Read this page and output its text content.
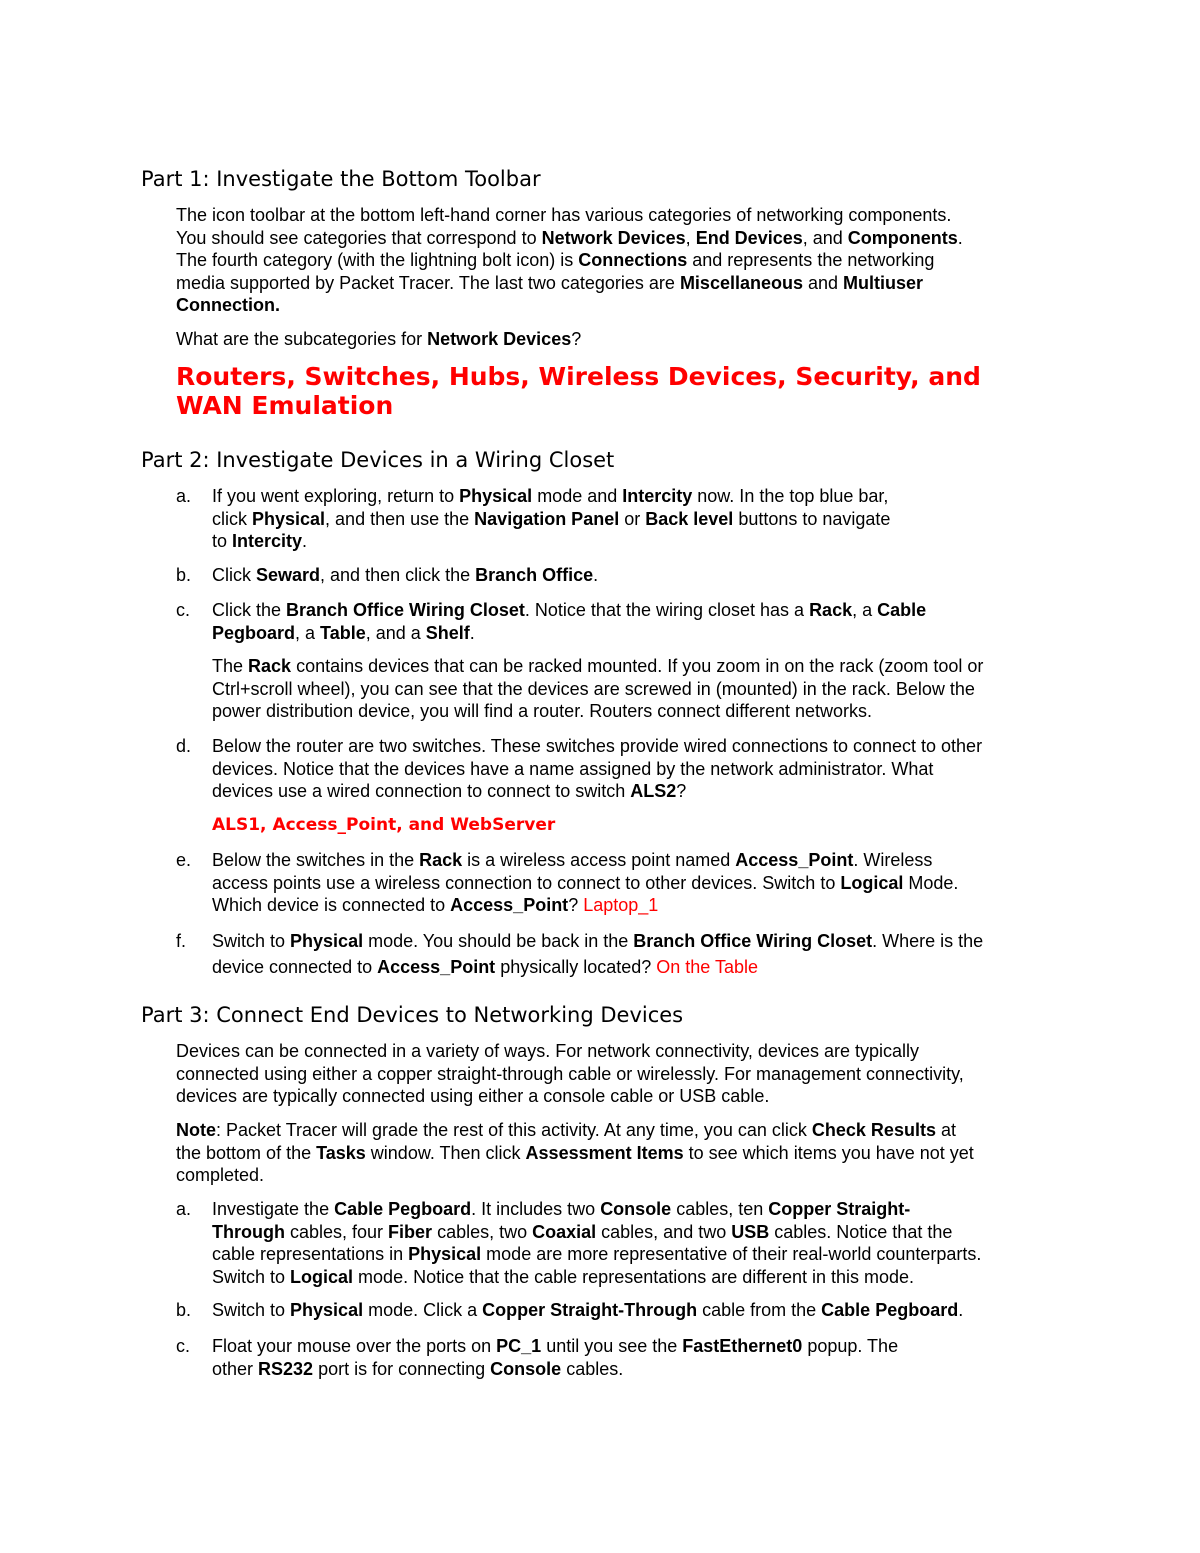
Part 1: Investigate the Bottom Toolbar

The icon toolbar at the bottom left-hand corner has various categories of networking components.
You should see categories that correspond to Network Devices, End Devices, and Components.
The fourth category (with the lightning bolt icon) is Connections and represents the networking
media supported by Packet Tracer. The last two categories are Miscellaneous and Multiuser
Connection.

What are the subcategories for Network Devices?

Routers, Switches, Hubs, Wireless Devices, Security, and
WAN Emulation
Part 2: Investigate Devices in a Wiring Closet
a. If you went exploring, return to Physical mode and Intercity now. In the top blue bar,
click Physical, and then use the Navigation Panel or Back level buttons to navigate
to Intercity.
b. Click Seward, and then click the Branch Office.
c. Click the Branch Office Wiring Closet. Notice that the wiring closet has a Rack, a Cable
Pegboard, a Table, and a Shelf.

The Rack contains devices that can be racked mounted. If you zoom in on the rack (zoom tool or
Ctrl+scroll wheel), you can see that the devices are screwed in (mounted) in the rack. Below the
power distribution device, you will find a router. Routers connect different networks.

d. Below the router are two switches. These switches provide wired connections to connect to other
devices. Notice that the devices have a name assigned by the network administrator. What
devices use a wired connection to connect to switch ALS2?

ALS1, Access_Point, and WebServer

e. Below the switches in the Rack is a wireless access point named Access_Point. Wireless
access points use a wireless connection to connect to other devices. Switch to Logical Mode.
Which device is connected to Access_Point? Laptop_1
f. Switch to Physical mode. You should be back in the Branch Office Wiring Closet. Where is the
device connected to Access_Point physically located? On the Table
Part 3: Connect End Devices to Networking Devices

Devices can be connected in a variety of ways. For network connectivity, devices are typically
connected using either a copper straight-through cable or wirelessly. For management connectivity,
devices are typically connected using either a console cable or USB cable.

Note: Packet Tracer will grade the rest of this activity. At any time, you can click Check Results at
the bottom of the Tasks window. Then click Assessment Items to see which items you have not yet
completed.

a. Investigate the Cable Pegboard. It includes two Console cables, ten Copper Straight-
Through cables, four Fiber cables, two Coaxial cables, and two USB cables. Notice that the
cable representations in Physical mode are more representative of their real-world counterparts.
Switch to Logical mode. Notice that the cable representations are different in this mode.
b. Switch to Physical mode. Click a Copper Straight-Through cable from the Cable Pegboard.
c. Float your mouse over the ports on PC_1 until you see the FastEthernet0 popup. The
other RS232 port is for connecting Console cables.
